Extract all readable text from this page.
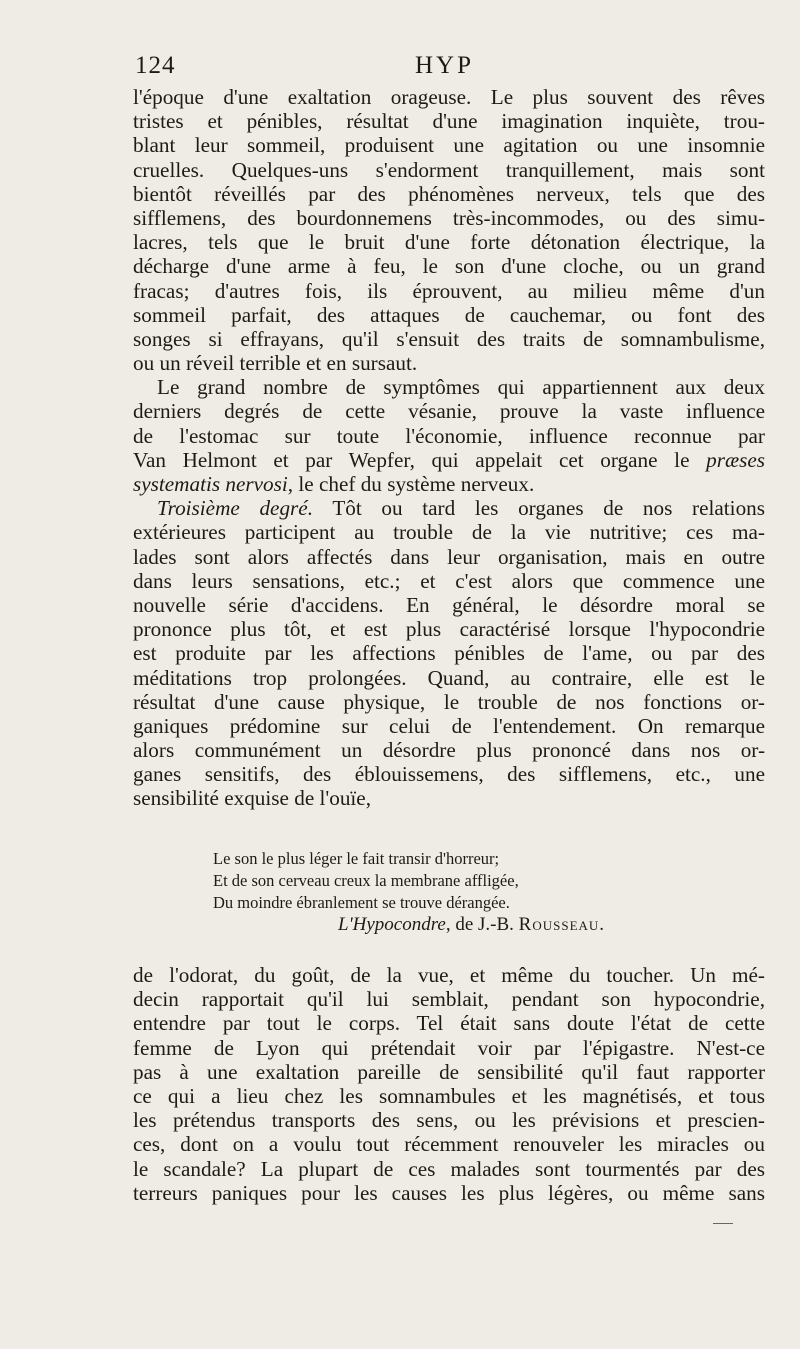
124	HYP
l'époque d'une exaltation orageuse. Le plus souvent des rêves
tristes et pénibles, résultat d'une imagination inquiète, trou-
blant leur sommeil, produisent une agitation ou une insomnie
cruelles. Quelques-uns s'endorment tranquillement, mais sont
bientôt réveillés par des phénomènes nerveux, tels que des
sifflemens, des bourdonnemens très-incommodes, ou des simu-
lacres, tels que le bruit d'une forte détonation électrique, la
décharge d'une arme à feu, le son d'une cloche, ou un grand
fracas; d'autres fois, ils éprouvent, au milieu même d'un
sommeil parfait, des attaques de cauchemar, ou font des
songes si effrayans, qu'il s'ensuit des traits de somnambulisme,
ou un réveil terrible et en sursaut.
Le grand nombre de symptômes qui appartiennent aux deux
derniers degrés de cette vésanie, prouve la vaste influence
de l'estomac sur toute l'économie, influence reconnue par
Van Helmont et par Wepfer, qui appelait cet organe le præses
systematis nervosi, le chef du système nerveux.
Troisième degré. Tôt ou tard les organes de nos relations
extérieures participent au trouble de la vie nutritive; ces ma-
lades sont alors affectés dans leur organisation, mais en outre
dans leurs sensations, etc.; et c'est alors que commence une
nouvelle série d'accidens. En général, le désordre moral se
prononce plus tôt, et est plus caractérisé lorsque l'hypocondrie
est produite par les affections pénibles de l'ame, ou par des
méditations trop prolongées. Quand, au contraire, elle est le
résultat d'une cause physique, le trouble de nos fonctions or-
ganiques prédomine sur celui de l'entendement. On remarque
alors communément un désordre plus prononcé dans nos or-
ganes sensitifs, des éblouissemens, des sifflemens, etc., une
sensibilité exquise de l'ouïe,
Le son le plus léger le fait transir d'horreur;
Et de son cerveau creux la membrane affligée,
Du moindre ébranlement se trouve dérangée.
L'Hypocondre, de J.-B. Rousseau.
de l'odorat, du goût, de la vue, et même du toucher. Un mé-
decin rapportait qu'il lui semblait, pendant son hypocondrie,
entendre par tout le corps. Tel était sans doute l'état de cette
femme de Lyon qui prétendait voir par l'épigastre. N'est-ce
pas à une exaltation pareille de sensibilité qu'il faut rapporter
ce qui a lieu chez les somnambules et les magnétisés, et tous
les prétendus transports des sens, ou les prévisions et prescien-
ces, dont on a voulu tout récemment renouveler les miracles ou
le scandale? La plupart de ces malades sont tourmentés par des
terreurs paniques pour les causes les plus légères, ou même sans
